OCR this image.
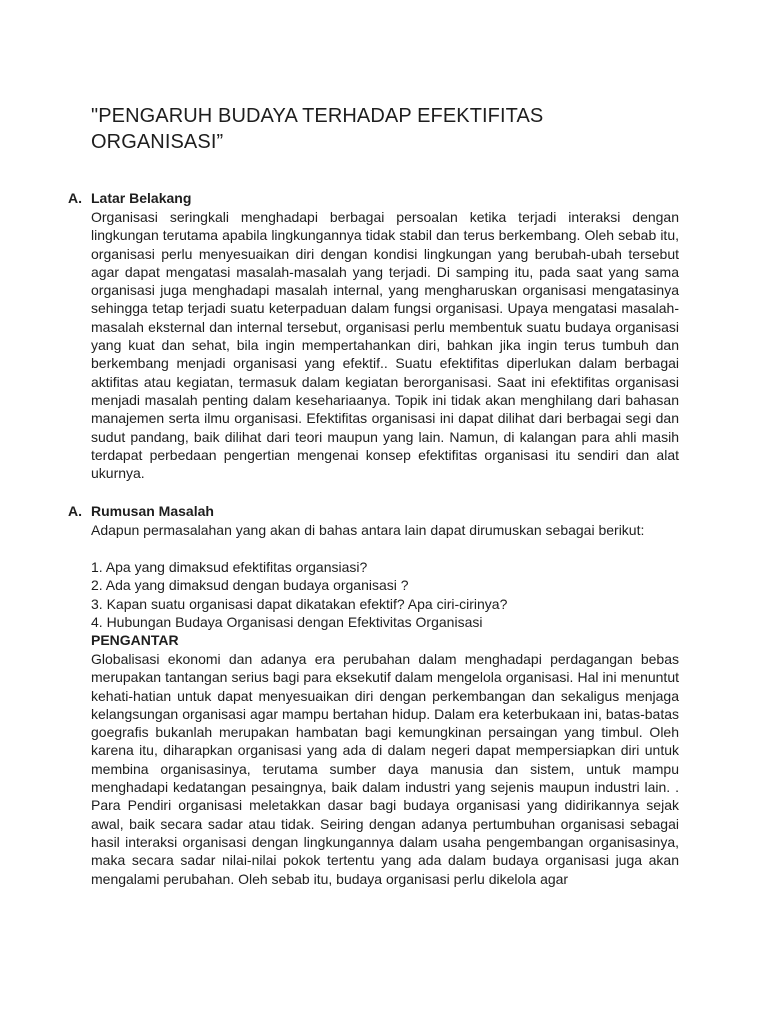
"PENGARUH BUDAYA TERHADAP EFEKTIFITAS ORGANISASI”
A. Latar Belakang

Organisasi seringkali menghadapi berbagai persoalan ketika terjadi interaksi dengan lingkungan terutama apabila lingkungannya tidak stabil dan terus berkembang. Oleh sebab itu, organisasi perlu menyesuaikan diri dengan kondisi lingkungan yang berubah-ubah tersebut agar dapat mengatasi masalah-masalah yang terjadi. Di samping itu, pada saat yang sama organisasi juga menghadapi masalah internal, yang mengharuskan organisasi mengatasinya sehingga tetap terjadi suatu keterpaduan dalam fungsi organisasi. Upaya mengatasi masalah-masalah eksternal dan internal tersebut, organisasi perlu membentuk suatu budaya organisasi yang kuat dan sehat, bila ingin mempertahankan diri, bahkan jika ingin terus tumbuh dan berkembang menjadi organisasi yang efektif.. Suatu efektifitas diperlukan dalam berbagai aktifitas atau kegiatan, termasuk dalam kegiatan berorganisasi. Saat ini efektifitas organisasi menjadi masalah penting dalam kesehariaanya. Topik ini tidak akan menghilang dari bahasan manajemen serta ilmu organisasi. Efektifitas organisasi ini dapat dilihat dari berbagai segi dan sudut pandang, baik dilihat dari teori maupun yang lain. Namun, di kalangan para ahli masih terdapat perbedaan pengertian mengenai konsep efektifitas organisasi itu sendiri dan alat ukurnya.

A. Rumusan Masalah

Adapun permasalahan yang akan di bahas antara lain dapat dirumuskan sebagai berikut:

1. Apa yang dimaksud efektifitas organsiasi?
2. Ada yang dimaksud dengan budaya organisasi ?
3. Kapan suatu organisasi dapat dikatakan efektif? Apa ciri-cirinya?
4. Hubungan Budaya Organisasi dengan Efektivitas Organisasi
PENGANTAR

Globalisasi ekonomi dan adanya era perubahan dalam menghadapi perdagangan bebas merupakan tantangan serius bagi para eksekutif dalam mengelola organisasi. Hal ini menuntut kehati-hatian untuk dapat menyesuaikan diri dengan perkembangan dan sekaligus menjaga kelangsungan organisasi agar mampu bertahan hidup. Dalam era keterbukaan ini, batas-batas goegrafis bukanlah merupakan hambatan bagi kemungkinan persaingan yang timbul. Oleh karena itu, diharapkan organisasi yang ada di dalam negeri dapat mempersiapkan diri untuk membina organisasinya, terutama sumber daya manusia dan sistem, untuk mampu menghadapi kedatangan pesaingnya, baik dalam industri yang sejenis maupun industri lain. . Para Pendiri organisasi meletakkan dasar bagi budaya organisasi yang didirikannya sejak awal, baik secara sadar atau tidak. Seiring dengan adanya pertumbuhan organisasi sebagai hasil interaksi organisasi dengan lingkungannya dalam usaha pengembangan organisasinya, maka secara sadar nilai-nilai pokok tertentu yang ada dalam budaya organisasi juga akan mengalami perubahan. Oleh sebab itu, budaya organisasi perlu dikelola agar
